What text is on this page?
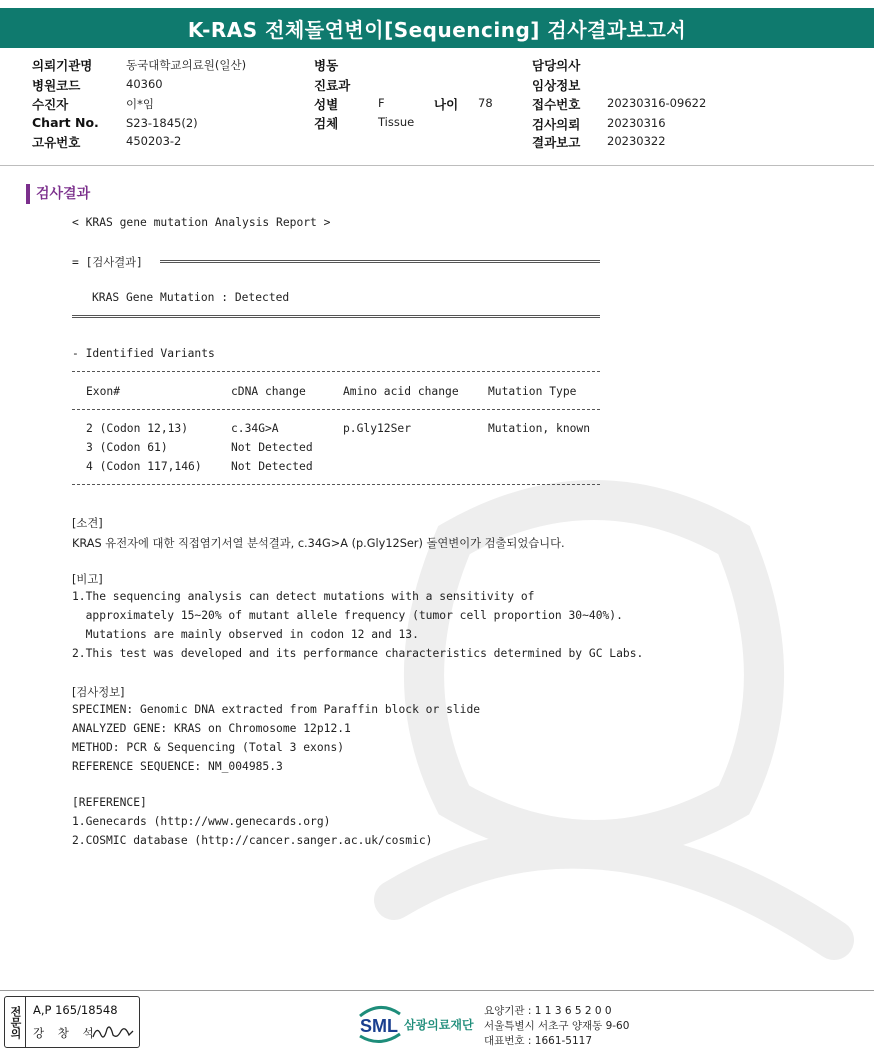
K-RAS 전체돌연변이[Sequencing] 검사결과보고서
의뢰기관명	동국대학교의료원(일산)
병원코드	40360
수진자	이*임
Chart No. S23-1845(2)
고유번호	450203-2
병동
진료과
성별	F	나이 78
검체	Tissue
담당의사
임상정보
접수번호 20230316-09622
검사의뢰 20230316
결과보고 20230322
검사결과
< KRAS gene mutation Analysis Report >
= [검사결과]
KRAS Gene Mutation : Detected
- Identified Variants
Exon#	cDNA change	Amino acid change	Mutation Type
2 (Codon 12,13)	c.34G>A	p.Gly12Ser	Mutation, known
3 (Codon 61)	Not Detected
4 (Codon 117,146)	Not Detected
[소견]
KRAS 유전자에 대한 직접염기서열 분석결과, c.34G>A (p.Gly12Ser) 돌연변이가 검출되었습니다.
[비고]
1.The sequencing analysis can detect mutations with a sensitivity of
approximately 15~20% of mutant allele frequency (tumor cell proportion 30~40%).
Mutations are mainly observed in codon 12 and 13.
2.This test was developed and its performance characteristics determined by GC Labs.
[검사정보]
SPECIMEN: Genomic DNA extracted from Paraffin block or slide
ANALYZED GENE: KRAS on Chromosome 12p12.1
METHOD: PCR & Sequencing (Total 3 exons)
REFERENCE SEQUENCE: NM_004985.3
[REFERENCE]
1.Genecards (http://www.genecards.org)
2.COSMIC database (http://cancer.sanger.ac.uk/cosmic)
전문의 A,P 165/18548
강 창 석	SML 삼광의료재단
요양기관 : 1 1 3 6 5 2 0 0
서울특별시 서초구 양재동 9-60
대표번호 : 1661-5117
